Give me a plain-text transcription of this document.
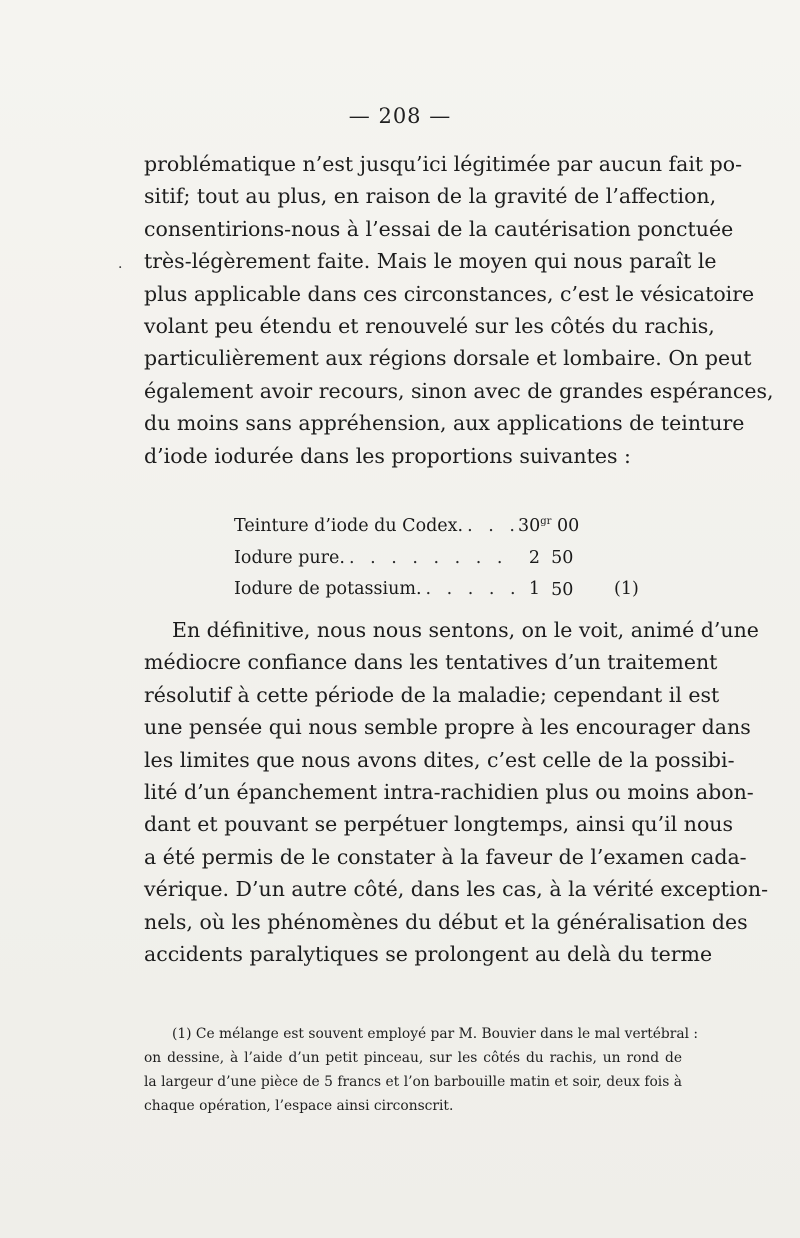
— 208 —
·
problématique n’est jusqu’ici légitimée par aucun fait po-
sitif; tout au plus, en raison de la gravité de l’affection,
consentirions-nous à l’essai de la cautérisation ponctuée
très-légèrement faite. Mais le moyen qui nous paraît le
plus applicable dans ces circonstances, c’est le vésicatoire
volant peu étendu et renouvelé sur les côtés du rachis,
particulièrement aux régions dorsale et lombaire. On peut
également avoir recours, sinon avec de grandes espérances,
du moins sans appréhension, aux applications de teinture
d’iode iodurée dans les proportions suivantes :
Teinture d’iode du Codex. . . .	$30^{gr}$ 00
Iodure pure. . . .	2 50
Iodure de potassium. . . .	1 50	(1)
En définitive, nous nous sentons, on le voit, animé d’une
médiocre confiance dans les tentatives d’un traitement
résolutif à cette période de la maladie; cependant il est
une pensée qui nous semble propre à les encourager dans
les limites que nous avons dites, c’est celle de la possibi-
lité d’un épanchement intra-rachidien plus ou moins abon-
dant et pouvant se perpétuer longtemps, ainsi qu’il nous
a été permis de le constater à la faveur de l’examen cada-
vérique. D’un autre côté, dans les cas, à la vérité exception-
nels, où les phénomènes du début et la généralisation des
accidents paralytiques se prolongent au delà du terme
(1) Ce mélange est souvent employé par M. Bouvier dans le mal vertébral :
on dessine, à l’aide d’un petit pinceau, sur les côtés du rachis, un rond de
la largeur d’une pièce de 5 francs et l’on barbouille matin et soir, deux fois à
chaque opération, l’espace ainsi circonscrit.
